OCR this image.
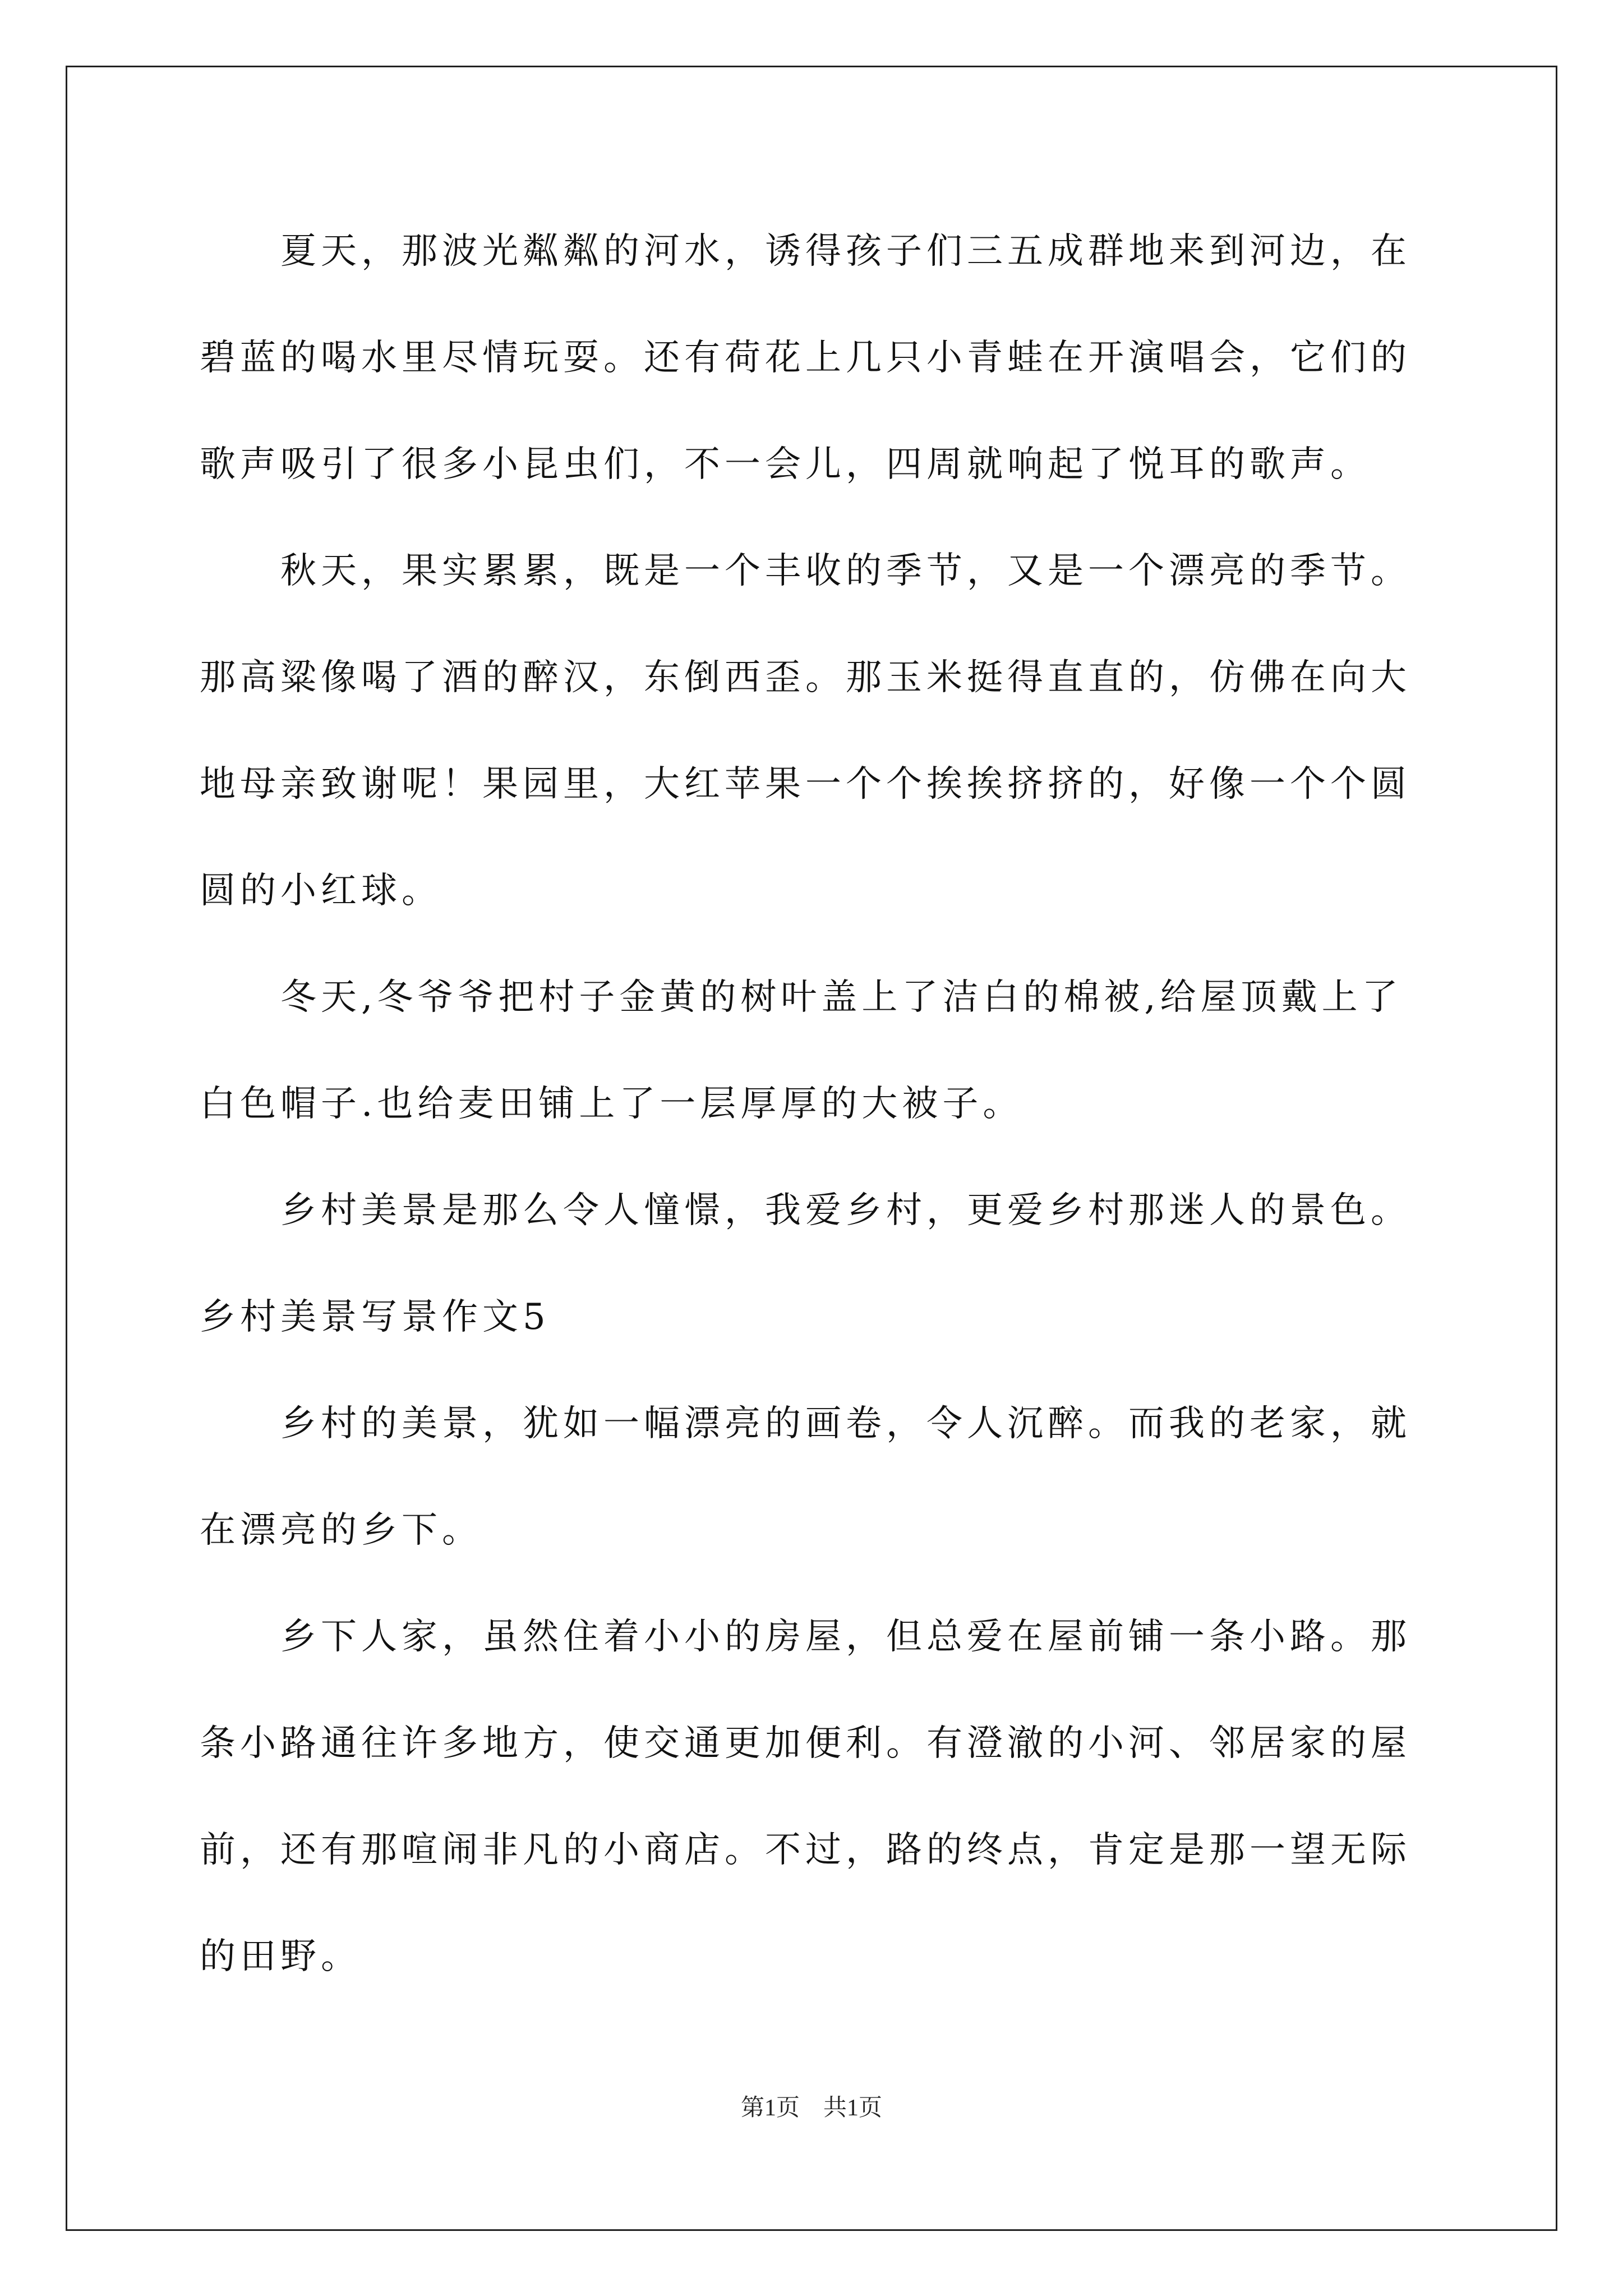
　　夏天，那波光粼粼的河水，诱得孩子们三五成群地来到河边，在
碧蓝的喝水里尽情玩耍。还有荷花上几只小青蛙在开演唱会，它们的
歌声吸引了很多小昆虫们，不一会儿，四周就响起了悦耳的歌声。
　　秋天，果实累累，既是一个丰收的季节，又是一个漂亮的季节。
那高粱像喝了酒的醉汉，东倒西歪。那玉米挺得直直的，仿佛在向大
地母亲致谢呢！果园里，大红苹果一个个挨挨挤挤的，好像一个个圆
圆的小红球。
　　冬天,冬爷爷把村子金黄的树叶盖上了洁白的棉被,给屋顶戴上了
白色帽子.也给麦田铺上了一层厚厚的大被子。
　　乡村美景是那么令人憧憬，我爱乡村，更爱乡村那迷人的景色。
乡村美景写景作文5
　　乡村的美景，犹如一幅漂亮的画卷，令人沉醉。而我的老家，就
在漂亮的乡下。
　　乡下人家，虽然住着小小的房屋，但总爱在屋前铺一条小路。那
条小路通往许多地方，使交通更加便利。有澄澈的小河、邻居家的屋
前，还有那喧闹非凡的小商店。不过，路的终点，肯定是那一望无际
的田野。
第1页　共1页
